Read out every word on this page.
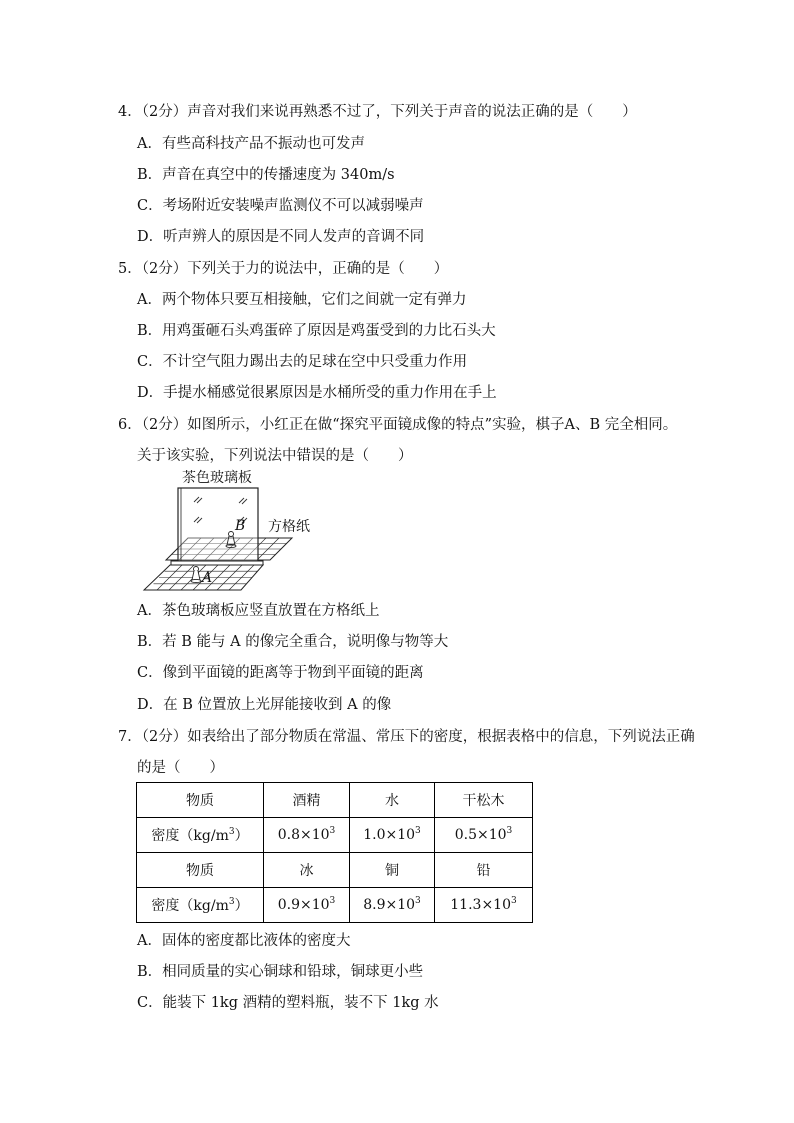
4．（2分）声音对我们来说再熟悉不过了，下列关于声音的说法正确的是（　　）
A．有些高科技产品不振动也可发声
B．声音在真空中的传播速度为 340m/s
C．考场附近安装噪声监测仪不可以减弱噪声
D．听声辨人的原因是不同人发声的音调不同
5．（2分）下列关于力的说法中，正确的是（　　）
A．两个物体只要互相接触，它们之间就一定有弹力
B．用鸡蛋砸石头鸡蛋碎了原因是鸡蛋受到的力比石头大
C．不计空气阻力踢出去的足球在空中只受重力作用
D．手提水桶感觉很累原因是水桶所受的重力作用在手上
6．（2分）如图所示，小红正在做“探究平面镜成像的特点”实验，棋子A、B 完全相同。
关于该实验，下列说法中错误的是（　　）
茶色玻璃板
方格纸
B
A
A．茶色玻璃板应竖直放置在方格纸上
B．若 B 能与 A 的像完全重合，说明像与物等大
C．像到平面镜的距离等于物到平面镜的距离
D．在 B 位置放上光屏能接收到 A 的像
7．（2分）如表给出了部分物质在常温、常压下的密度，根据表格中的信息，下列说法正确
的是（　　）
物质	酒精	水	干松木
密度$(kg/m^3)$	$0.8\times 10^3$	$1.0\times 10^3$	$0.5\times 10^3$
物质	冰	铜	铅
密度$(kg/m^3)$	$0.9\times 10^3$	$8.9\times 10^3$	$11.3\times 10^3$
A．固体的密度都比液体的密度大
B．相同质量的实心铜球和铅球，铜球更小些
C．能装下 1kg 酒精的塑料瓶，装不下 1kg 水
